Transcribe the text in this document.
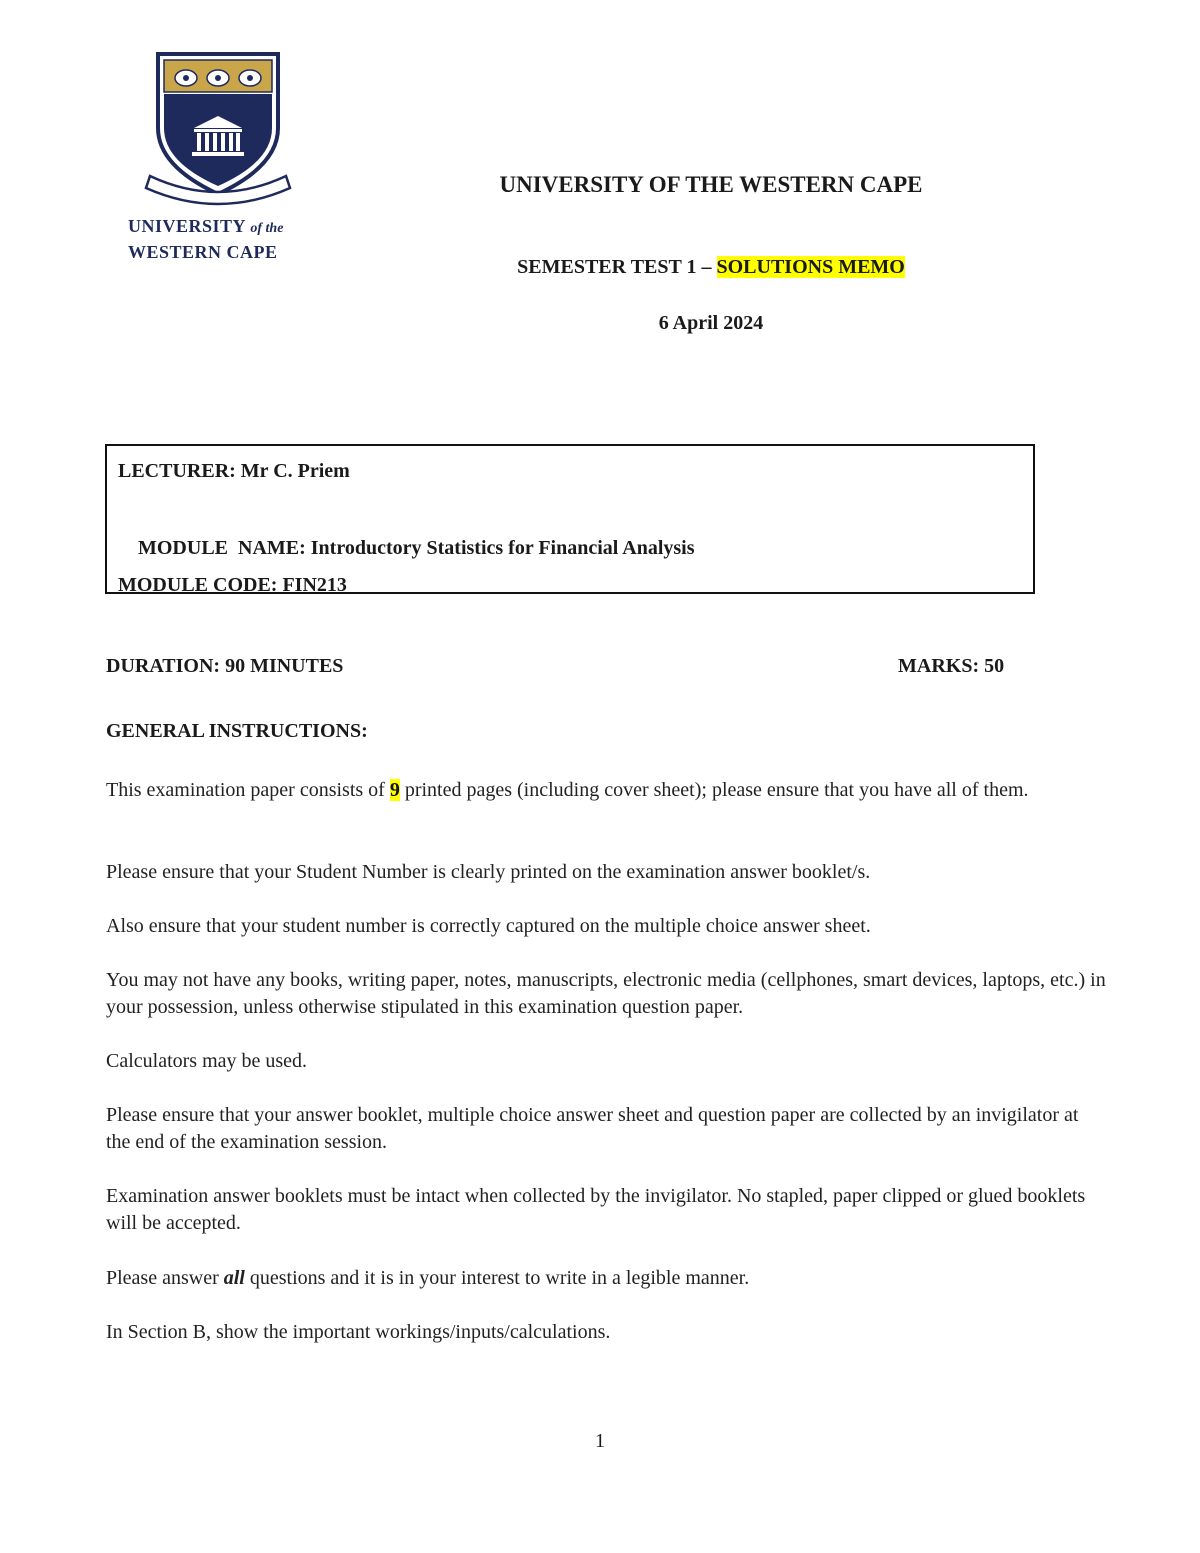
UNIVERSITY of the
WESTERN CAPE
UNIVERSITY OF THE WESTERN CAPE
SEMESTER TEST 1 – SOLUTIONS MEMO
6 April 2024
LECTURER: Mr C. Priem

MODULE  NAME: Introductory Statistics for Financial Analysis

MODULE CODE: FIN213
DURATION: 90 MINUTES	MARKS: 50
GENERAL INSTRUCTIONS:
This examination paper consists of 9 printed pages (including cover sheet); please ensure that you have all of them.
Please ensure that your Student Number is clearly printed on the examination answer booklet/s.
Also ensure that your student number is correctly captured on the multiple choice answer sheet.
You may not have any books, writing paper, notes, manuscripts, electronic media (cellphones, smart devices, laptops, etc.) in your possession, unless otherwise stipulated in this examination question paper.
Calculators may be used.
Please ensure that your answer booklet, multiple choice answer sheet and question paper are collected by an invigilator at the end of the examination session.
Examination answer booklets must be intact when collected by the invigilator. No stapled, paper clipped or glued booklets will be accepted.
Please answer all questions and it is in your interest to write in a legible manner.
In Section B, show the important workings/inputs/calculations.
1
